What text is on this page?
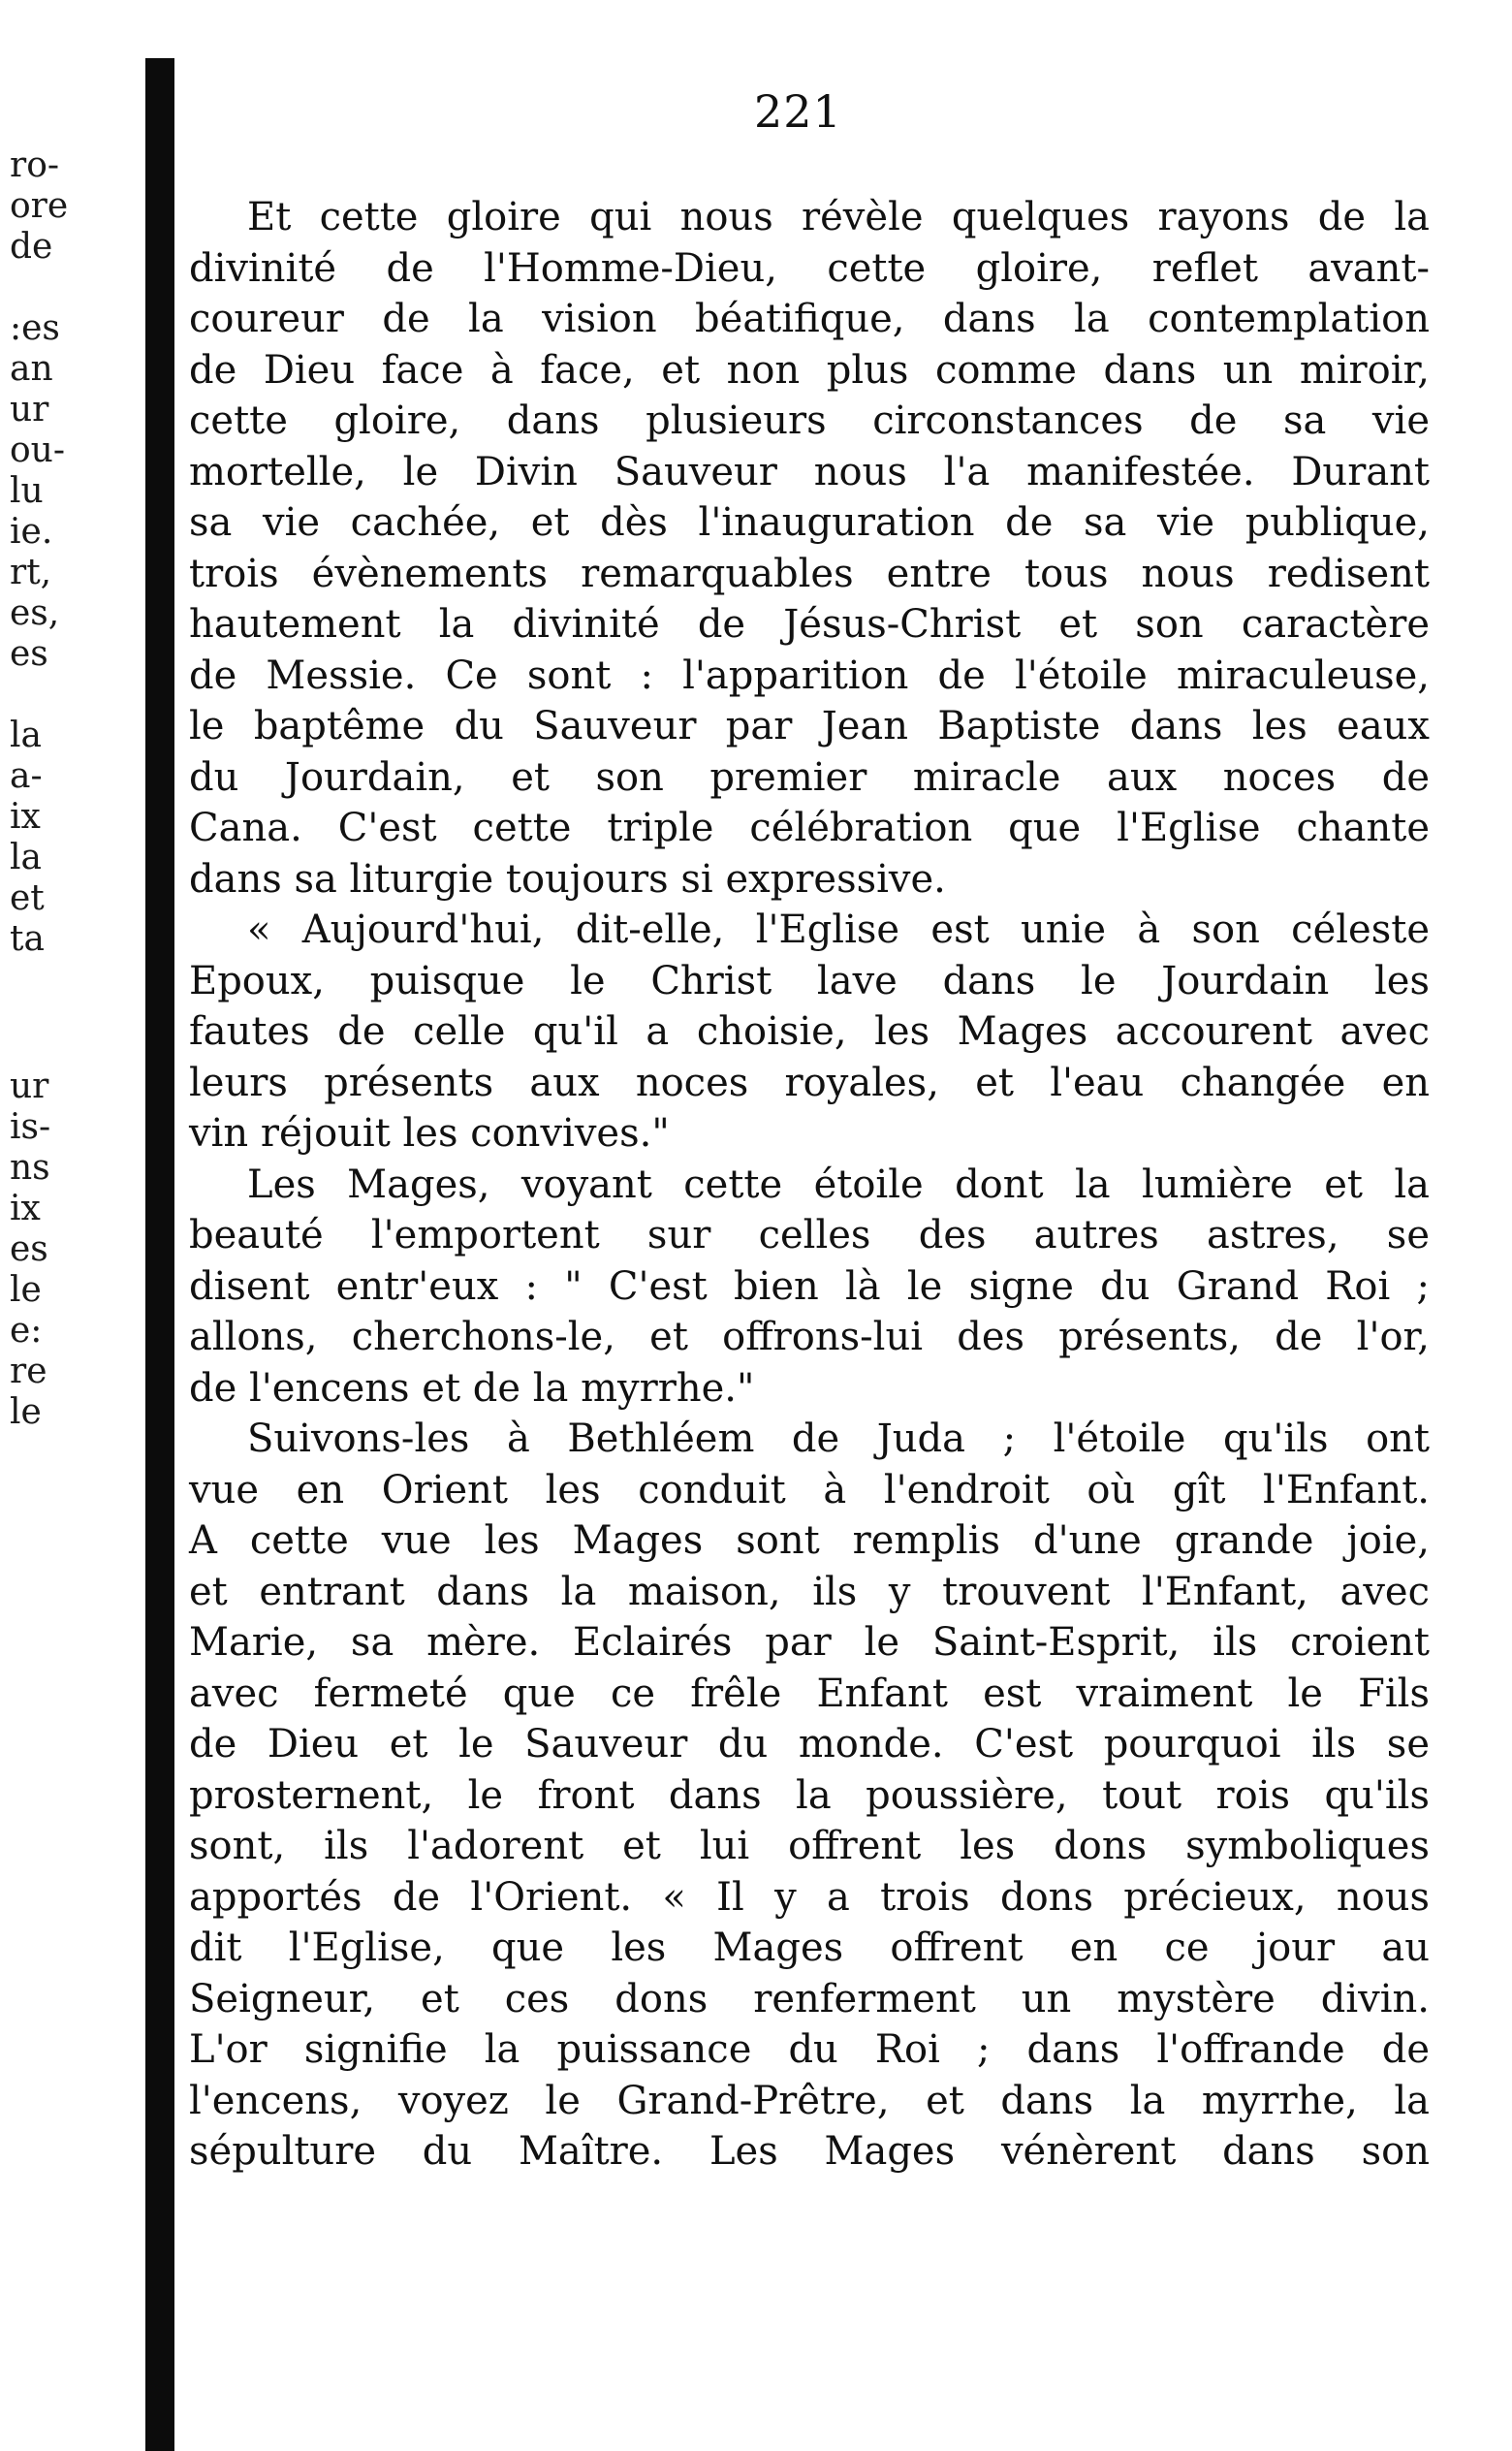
ro-
ore
de
:es
an
ur
ou-
lu
ie.
rt,
es,
es
la
a-
ix
la
et
ta
ur
is-
ns
ix
es
le
e:
re
le
221
Et cette gloire qui nous révèle quelques rayons de la
divinité de l'Homme-Dieu, cette gloire, reflet avant-
coureur de la vision béatifique, dans la contemplation
de Dieu face à face, et non plus comme dans un miroir,
cette gloire, dans plusieurs circonstances de sa vie
mortelle, le Divin Sauveur nous l'a manifestée. Durant
sa vie cachée, et dès l'inauguration de sa vie publique,
trois évènements remarquables entre tous nous redisent
hautement la divinité de Jésus-Christ et son caractère
de Messie. Ce sont : l'apparition de l'étoile miraculeuse,
le baptême du Sauveur par Jean Baptiste dans les eaux
du Jourdain, et son premier miracle aux noces de
Cana. C'est cette triple célébration que l'Eglise chante
dans sa liturgie toujours si expressive.
« Aujourd'hui, dit-elle, l'Eglise est unie à son céleste
Epoux, puisque le Christ lave dans le Jourdain les
fautes de celle qu'il a choisie, les Mages accourent avec
leurs présents aux noces royales, et l'eau changée en
vin réjouit les convives."
Les Mages, voyant cette étoile dont la lumière et la
beauté l'emportent sur celles des autres astres, se
disent entr'eux : " C'est bien là le signe du Grand Roi ;
allons, cherchons-le, et offrons-lui des présents, de l'or,
de l'encens et de la myrrhe."
Suivons-les à Bethléem de Juda ; l'étoile qu'ils ont
vue en Orient les conduit à l'endroit où gît l'Enfant.
A cette vue les Mages sont remplis d'une grande joie,
et entrant dans la maison, ils y trouvent l'Enfant, avec
Marie, sa mère. Eclairés par le Saint-Esprit, ils croient
avec fermeté que ce frêle Enfant est vraiment le Fils
de Dieu et le Sauveur du monde. C'est pourquoi ils se
prosternent, le front dans la poussière, tout rois qu'ils
sont, ils l'adorent et lui offrent les dons symboliques
apportés de l'Orient. « Il y a trois dons précieux, nous
dit l'Eglise, que les Mages offrent en ce jour au
Seigneur, et ces dons renferment un mystère divin.
L'or signifie la puissance du Roi ; dans l'offrande de
l'encens, voyez le Grand-Prêtre, et dans la myrrhe, la
sépulture du Maître. Les Mages vénèrent dans son
